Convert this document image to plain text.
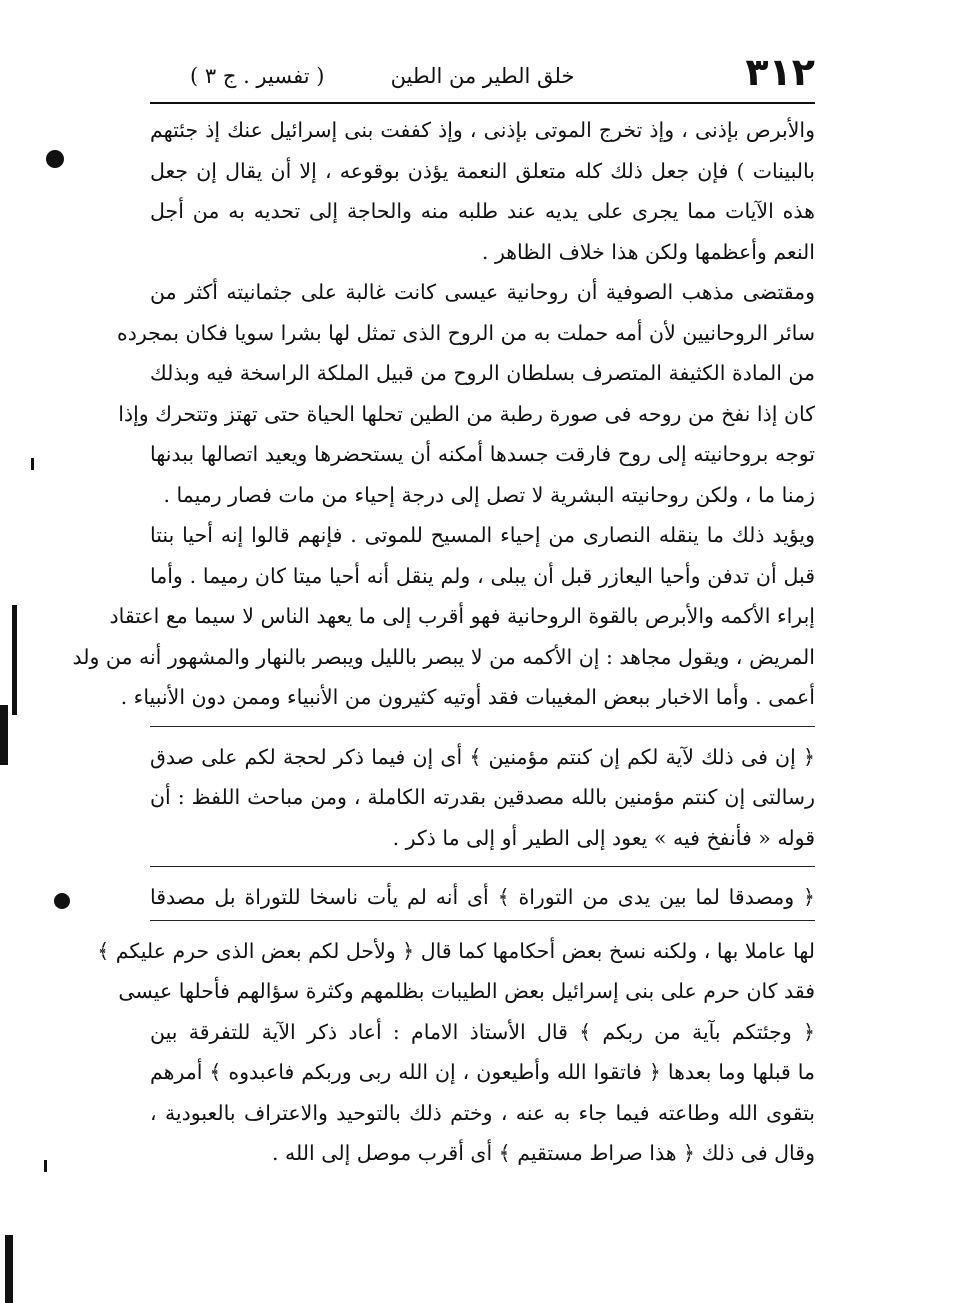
٣١٢
خلق الطير من الطين
( تفسير . ج ٣ )
والأبرص بإذنى ، وإذ تخرج الموتى بإذنى ، وإذ كففت بنى إسرائيل عنك إذ جئتهم
بالبينات ) فإن جعل ذلك كله متعلق النعمة يؤذن بوقوعه ، إلا أن يقال إن جعل
هذه الآيات مما يجرى على يديه عند طلبه منه والحاجة إلى تحديه به من أجل
النعم وأعظمها ولكن هذا خلاف الظاهر .
ومقتضى مذهب الصوفية أن روحانية عيسى كانت غالبة على جثمانيته أكثر من
سائر الروحانيين لأن أمه حملت به من الروح الذى تمثل لها بشرا سويا فكان بمجرده
من المادة الكثيفة المتصرف بسلطان الروح من قبيل الملكة الراسخة فيه وبذلك
كان إذا نفخ من روحه فى صورة رطبة من الطين تحلها الحياة حتى تهتز وتتحرك وإذا
توجه بروحانيته إلى روح فارقت جسدها أمكنه أن يستحضرها ويعيد اتصالها ببدنها
زمنا ما ، ولكن روحانيته البشرية لا تصل إلى درجة إحياء من مات فصار رميما .
ويؤيد ذلك ما ينقله النصارى من إحياء المسيح للموتى . فإنهم قالوا إنه أحيا بنتا
قبل أن تدفن وأحيا اليعازر قبل أن يبلى ، ولم ينقل أنه أحيا ميتا كان رميما . وأما
إبراء الأكمه والأبرص بالقوة الروحانية فهو أقرب إلى ما يعهد الناس لا سيما مع اعتقاد
المريض ، ويقول مجاهد : إن الأكمه من لا يبصر بالليل ويبصر بالنهار والمشهور أنه من ولد
أعمى . وأما الاخبار ببعض المغيبات فقد أوتيه كثيرون من الأنبياء وممن دون الأنبياء .
﴿ إن فى ذلك لآية لكم إن كنتم مؤمنين ﴾ أى إن فيما ذكر لحجة لكم على صدق
رسالتى إن كنتم مؤمنين بالله مصدقين بقدرته الكاملة ، ومن مباحث اللفظ : أن
قوله « فأنفخ فيه » يعود إلى الطير أو إلى ما ذكر .
﴿ ومصدقا لما بين يدى من التوراة ﴾ أى أنه لم يأت ناسخا للتوراة بل مصدقا
لها عاملا بها ، ولكنه نسخ بعض أحكامها كما قال ﴿ ولأحل لكم بعض الذى حرم عليكم ﴾
فقد كان حرم على بنى إسرائيل بعض الطيبات بظلمهم وكثرة سؤالهم فأحلها عيسى
﴿ وجئتكم بآية من ربكم ﴾ قال الأستاذ الامام : أعاد ذكر الآية للتفرقة بين
ما قبلها وما بعدها ﴿ فاتقوا الله وأطيعون ، إن الله ربى وربكم فاعبدوه ﴾ أمرهم
بتقوى الله وطاعته فيما جاء به عنه ، وختم ذلك بالتوحيد والاعتراف بالعبودية ،
وقال فى ذلك ﴿ هذا صراط مستقيم ﴾ أى أقرب موصل إلى الله .
